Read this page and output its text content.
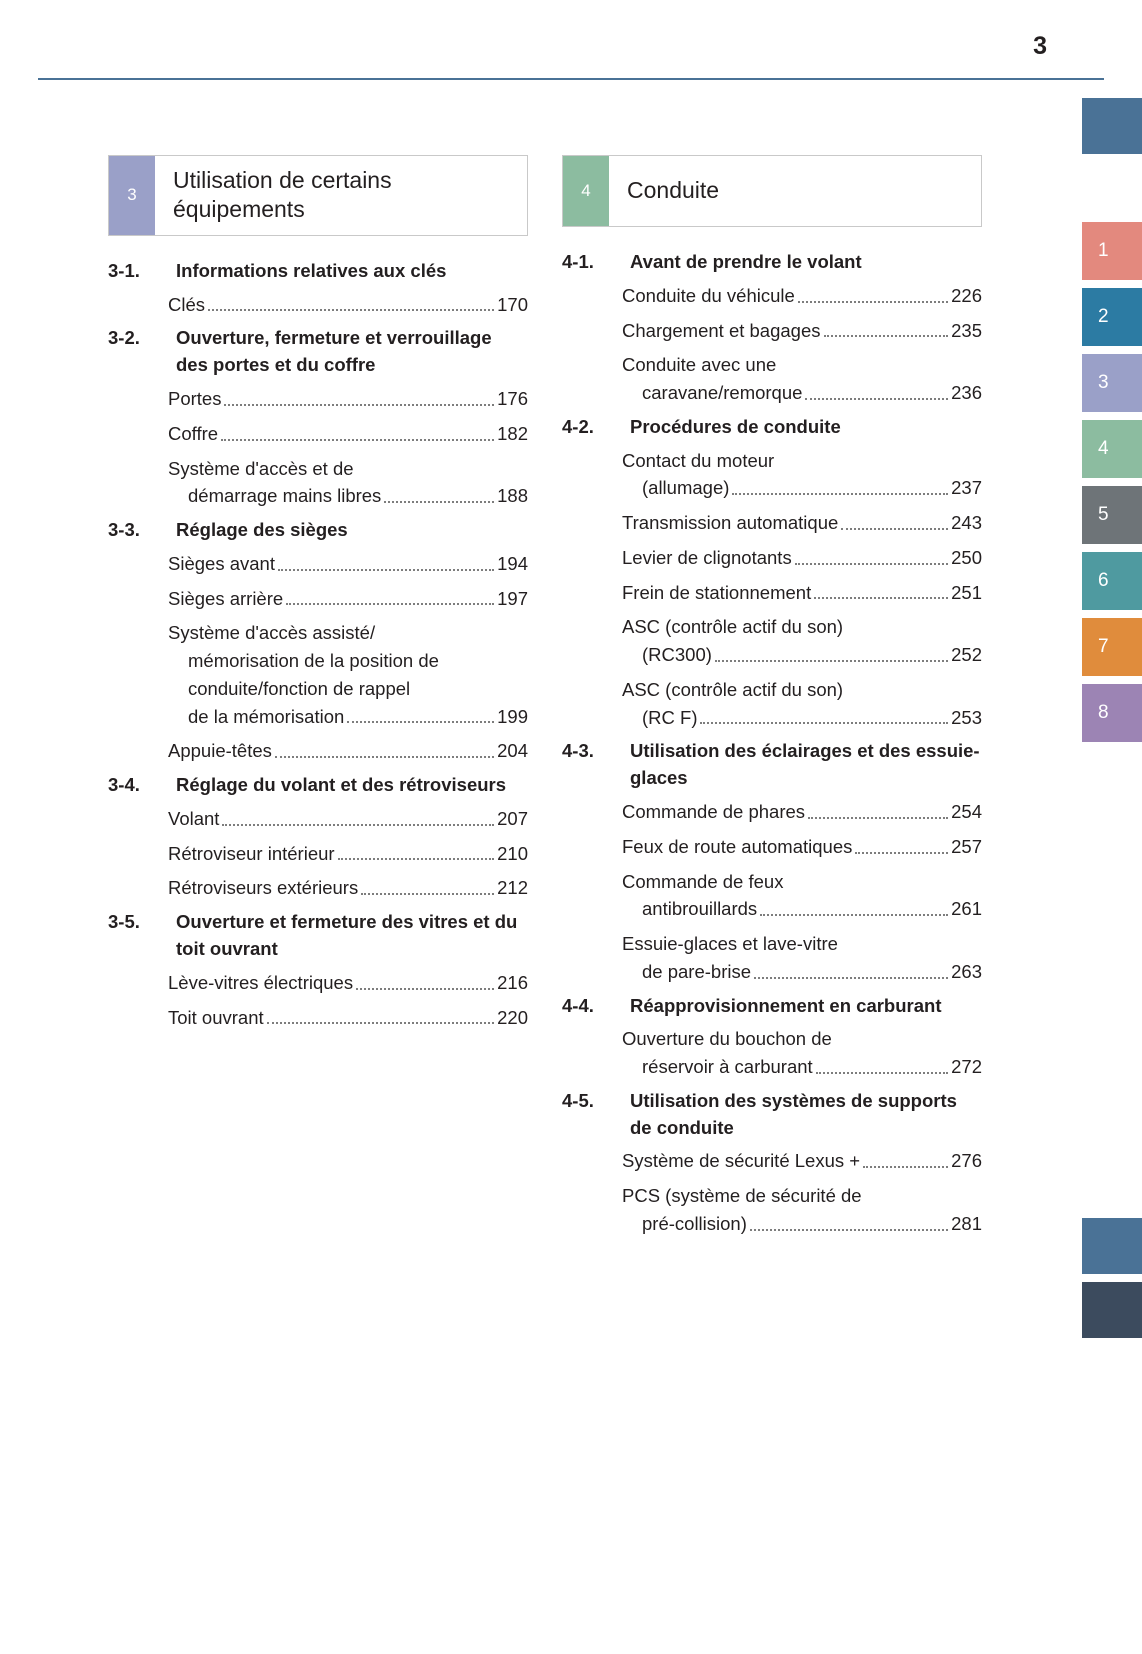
3
1
2
3
4
5
6
7
8
3
Utilisation de certains équipements
3-1.	Informations relatives aux clés
Clés	170
3-2.	Ouverture, fermeture et verrouillage des portes et du coffre
Portes	176
Coffre	182
Système d'accès et de
démarrage mains libres	188
3-3.	Réglage des sièges
Sièges avant	194
Sièges arrière	197
Système d'accès assisté/
mémorisation de la position de
conduite/fonction de rappel
de la mémorisation	199
Appuie-têtes	204
3-4.	Réglage du volant et des rétroviseurs
Volant	207
Rétroviseur intérieur	210
Rétroviseurs extérieurs	212
3-5.	Ouverture et fermeture des vitres et du toit ouvrant
Lève-vitres électriques	216
Toit ouvrant	220
4	Conduite
4-1.	Avant de prendre le volant
Conduite du véhicule	226
Chargement et bagages	235
Conduite avec une
caravane/remorque	236
4-2.	Procédures de conduite
Contact du moteur
(allumage)	237
Transmission automatique	243
Levier de clignotants	250
Frein de stationnement	251
ASC (contrôle actif du son)
(RC300)	252
ASC (contrôle actif du son)
(RC F)	253
4-3.	Utilisation des éclairages et des essuie-glaces
Commande de phares	254
Feux de route automatiques	257
Commande de feux
antibrouillards	261
Essuie-glaces et lave-vitre
de pare-brise	263
4-4.	Réapprovisionnement en carburant
Ouverture du bouchon de
réservoir à carburant	272
4-5.	Utilisation des systèmes de supports de conduite
Système de sécurité Lexus +	276
PCS (système de sécurité de
pré-collision)	281
